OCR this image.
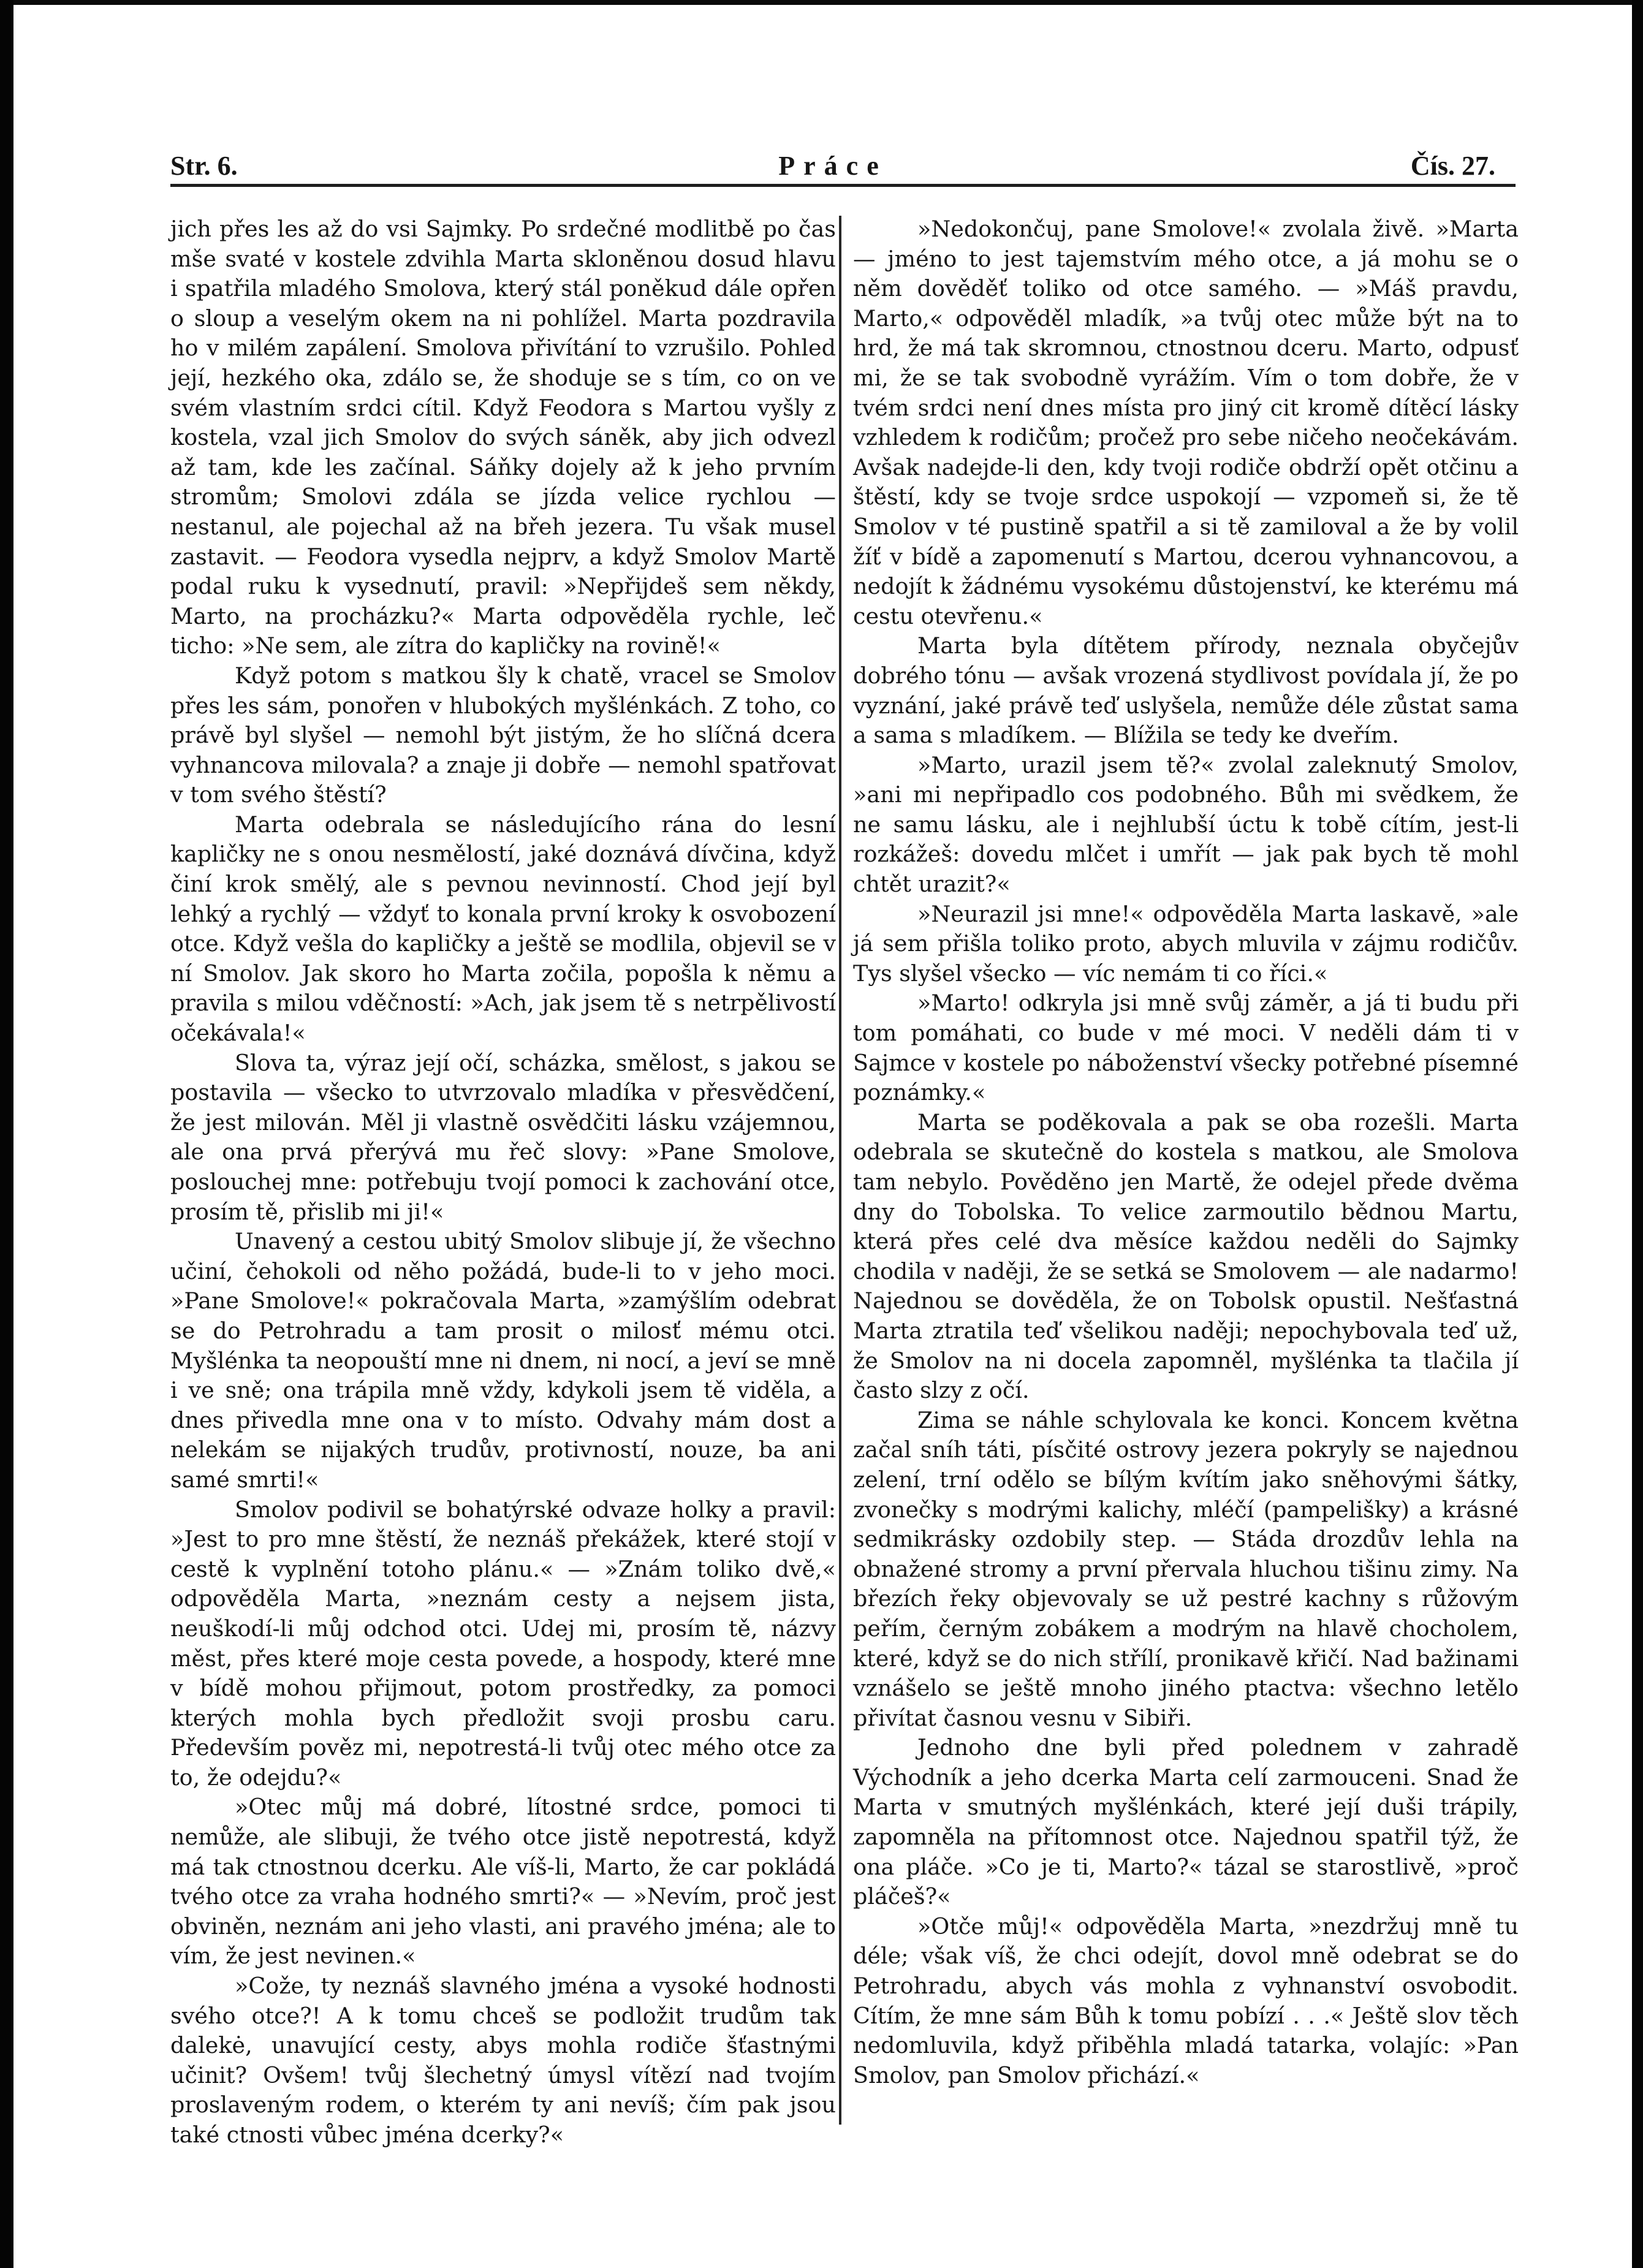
Str. 6.	Práce	Čís. 27.

jich přes les až do vsi Sajmky. Po srdečné modlitbě po čas mše svaté v kostele zdvihla Marta skloněnou dosud hlavu i spatřila mladého Smolova, který stál poněkud dále opřen o sloup a veselým okem na ni pohlížel. Marta pozdravila ho v milém zapálení. Smolova přivítání to vzrušilo. Pohled její, hezkého oka, zdálo se, že shoduje se s tím, co on ve svém vlastním srdci cítil. Když Feodora s Martou vyšly z kostela, vzal jich Smolov do svých sáněk, aby jich odvezl až tam, kde les začínal. Sáňky dojely až k jeho prvním stromům; Smolovi zdála se jízda velice rychlou — nestanul, ale pojechal až na břeh jezera. Tu však musel zastavit. — Feodora vysedla nejprv, a když Smolov Martě podal ruku k vysednutí, pravil: »Nepřijdeš sem někdy, Marto, na procházku?« Marta odpověděla rychle, leč ticho: »Ne sem, ale zítra do kapličky na rovině!«

Když potom s matkou šly k chatě, vracel se Smolov přes les sám, ponořen v hlubokých myšlénkách. Z toho, co právě byl slyšel — nemohl být jistým, že ho slíčná dcera vyhnancova milovala? a znaje ji dobře — nemohl spatřovat v tom svého štěstí?

Marta odebrala se následujícího rána do lesní kapličky ne s onou nesmělostí, jaké doznává dívčina, když činí krok smělý, ale s pevnou nevinností. Chod její byl lehký a rychlý — vždyť to konala první kroky k osvobození otce. Když vešla do kapličky a ještě se modlila, objevil se v ní Smolov. Jak skoro ho Marta zočila, popošla k němu a pravila s milou vděčností: »Ach, jak jsem tě s netrpělivostí očekávala!«

Slova ta, výraz její očí, scházka, smělost, s jakou se postavila — všecko to utvrzovalo mladíka v přesvědčení, že jest milován. Měl ji vlastně osvědčiti lásku vzájemnou, ale ona prvá přerývá mu řeč slovy: »Pane Smolove, poslouchej mne: potřebuju tvojí pomoci k zachování otce, prosím tě, přislib mi ji!«

Unavený a cestou ubitý Smolov slibuje jí, že všechno učiní, čehokoli od něho požádá, bude-li to v jeho moci. »Pane Smolove!« pokračovala Marta, »zamýšlím odebrat se do Petrohradu a tam prosit o milosť mému otci. Myšlénka ta neopouští mne ni dnem, ni nocí, a jeví se mně i ve sně; ona trápila mně vždy, kdykoli jsem tě viděla, a dnes přivedla mne ona v to místo. Odvahy mám dost a nelekám se nijakých trudův, protivností, nouze, ba ani samé smrti!«

Smolov podivil se bohatýrské odvaze holky a pravil: »Jest to pro mne štěstí, že neznáš překážek, které stojí v cestě k vyplnění totoho plánu.« — »Znám toliko dvě,« odpověděla Marta, »neznám cesty a nejsem jista, neuškodí-li můj odchod otci. Udej mi, prosím tě, názvy měst, přes které moje cesta povede, a hospody, které mne v bídě mohou přijmout, potom prostředky, za pomoci kterých mohla bych předložit svoji prosbu caru. Především pověz mi, nepotrestá-li tvůj otec mého otce za to, že odejdu?«

»Otec můj má dobré, lítostné srdce, pomoci ti nemůže, ale slibuji, že tvého otce jistě nepotrestá, když má tak ctnostnou dcerku. Ale víš-li, Marto, že car pokládá tvého otce za vraha hodného smrti?« — »Nevím, proč jest obviněn, neznám ani jeho vlasti, ani pravého jména; ale to vím, že jest nevinen.«

»Cože, ty neznáš slavného jména a vysoké hodnosti svého otce?! A k tomu chceš se podložit trudům tak dalekė, unavující cesty, abys mohla rodiče šťastnými učinit? Ovšem! tvůj šlechetný úmysl vítězí nad tvojím proslaveným rodem, o kterém ty ani nevíš; čím pak jsou také ctnosti vůbec jména dcerky?«

»Nedokončuj, pane Smolove!« zvolala živě. »Marta — jméno to jest tajemstvím mého otce, a já mohu se o něm dověděť toliko od otce samého. — »Máš pravdu, Marto,« odpověděl mladík, »a tvůj otec může být na to hrd, že má tak skromnou, ctnostnou dceru. Marto, odpusť mi, že se tak svobodně vyrážím. Vím o tom dobře, že v tvém srdci není dnes místa pro jiný cit kromě dítěcí lásky vzhledem k rodičům; pročež pro sebe ničeho neočekávám. Avšak nadejde-li den, kdy tvoji rodiče obdrží opět otčinu a štěstí, kdy se tvoje srdce uspokojí — vzpomeň si, že tě Smolov v té pustině spatřil a si tě zamiloval a že by volil žíť v bídě a zapomenutí s Martou, dcerou vyhnancovou, a nedojít k žádnému vysokému důstojenství, ke kterému má cestu otevřenu.«

Marta byla dítětem přírody, neznala obyčejův dobrého tónu — avšak vrozená stydlivost povídala jí, že po vyznání, jaké právě teď uslyšela, nemůže déle zůstat sama a sama s mladíkem. — Blížila se tedy ke dveřím.

»Marto, urazil jsem tě?« zvolal zaleknutý Smolov, »ani mi nepřipadlo cos podobného. Bůh mi svědkem, že ne samu lásku, ale i nejhlubší úctu k tobě cítím, jest-li rozkážeš: dovedu mlčet i umřít — jak pak bych tě mohl chtět urazit?«

»Neurazil jsi mne!« odpověděla Marta laskavě, »ale já sem přišla toliko proto, abych mluvila v zájmu rodičův. Tys slyšel všecko — víc nemám ti co říci.«

»Marto! odkryla jsi mně svůj záměr, a já ti budu při tom pomáhati, co bude v mé moci. V neděli dám ti v Sajmce v kostele po náboženství všecky potřebné písemné poznámky.«

Marta se poděkovala a pak se oba rozešli. Marta odebrala se skutečně do kostela s matkou, ale Smolova tam nebylo. Pověděno jen Martě, že odejel přede dvěma dny do Tobolska. To velice zarmoutilo bědnou Martu, která přes celé dva měsíce každou neděli do Sajmky chodila v naději, že se setká se Smolovem — ale nadarmo! Najednou se dověděla, že on Tobolsk opustil. Nešťastná Marta ztratila teď všelikou naději; nepochybovala teď už, že Smolov na ni docela zapomněl, myšlénka ta tlačila jí často slzy z očí.

Zima se náhle schylovala ke konci. Koncem května začal sníh táti, písčité ostrovy jezera pokryly se najednou zelení, trní odělo se bílým kvítím jako sněhovými šátky, zvonečky s modrými kalichy, mléčí (pampelišky) a krásné sedmikrásky ozdobily step. — Stáda drozdův lehla na obnažené stromy a první přervala hluchou tišinu zimy. Na březích řeky objevovaly se už pestré kachny s růžovým peřím, černým zobákem a modrým na hlavě chocholem, které, když se do nich střílí, pronikavě křičí. Nad bažinami vznášelo se ještě mnoho jiného ptactva: všechno letělo přivítat časnou vesnu v Sibiři.

Jednoho dne byli před polednem v zahradě Východník a jeho dcerka Marta celí zarmouceni. Snad že Marta v smutných myšlénkách, které její duši trápily, zapomněla na přítomnost otce. Najednou spatřil týž, že ona pláče. »Co je ti, Marto?« tázal se starostlivě, »proč pláčeš?«

»Otče můj!« odpověděla Marta, »nezdržuj mně tu déle; však víš, že chci odejít, dovol mně odebrat se do Petrohradu, abych vás mohla z vyhnanství osvobodit. Cítím, že mne sám Bůh k tomu pobízí . . .« Ještě slov těch nedomluvila, když přiběhla mladá tatarka, volajíc: »Pan Smolov, pan Smolov přichází.«
